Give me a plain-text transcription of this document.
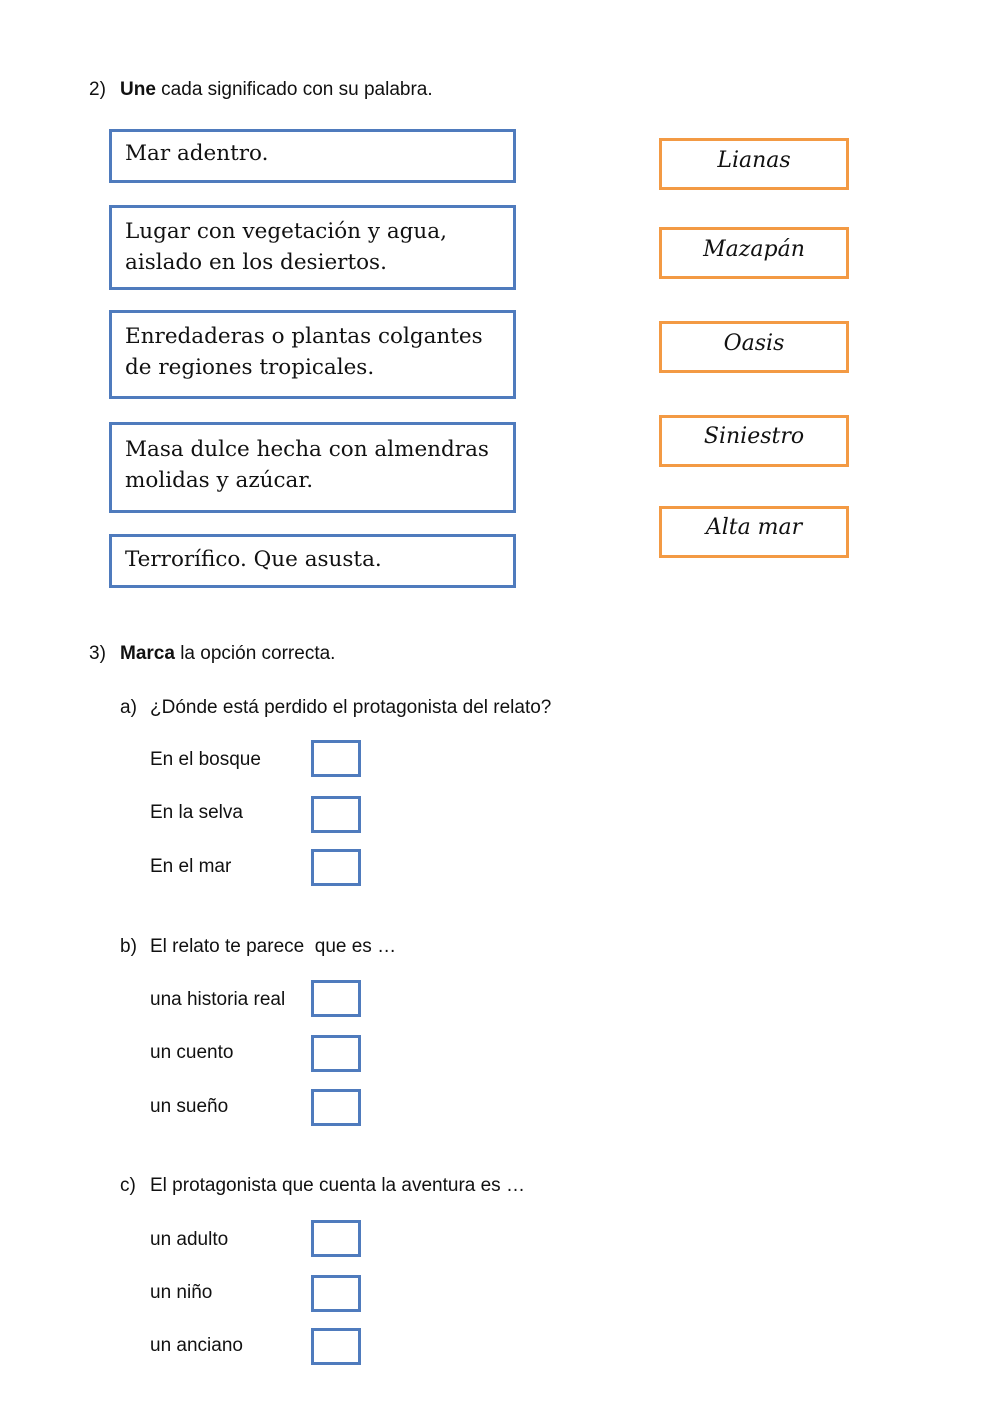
2) Une cada significado con su palabra.
Mar adentro.
Lugar con vegetación y agua, aislado en los desiertos.
Enredaderas o plantas colgantes de regiones tropicales.
Masa dulce hecha con almendras molidas y azúcar.
Terrorífico. Que asusta.
Lianas
Mazapán
Oasis
Siniestro
Alta mar
3) Marca la opción correcta.
a) ¿Dónde está perdido el protagonista del relato?
En el bosque
En la selva
En el mar
b) El relato te parece  que es …
una historia real
un cuento
un sueño
c) El protagonista que cuenta la aventura es …
un adulto
un niño
un anciano
